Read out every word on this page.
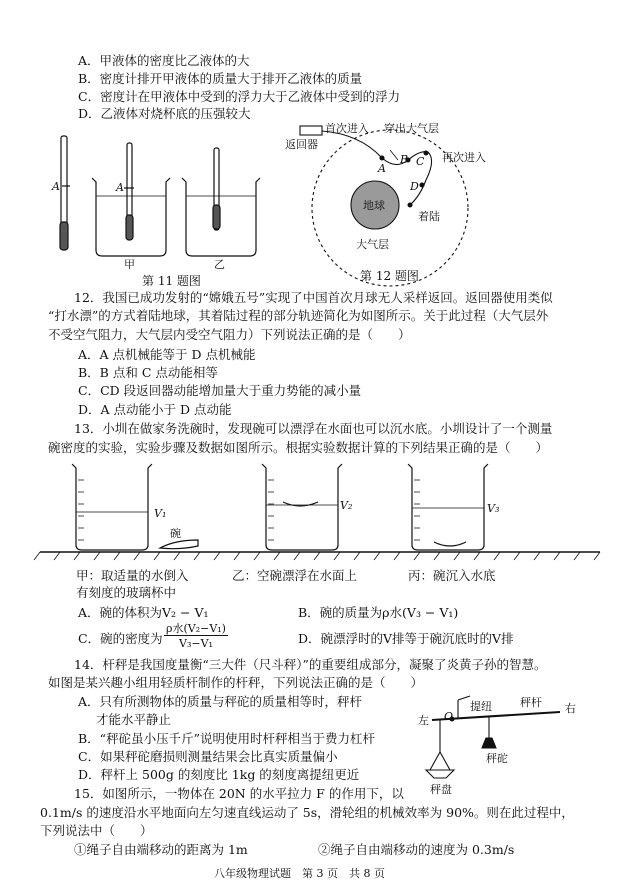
A．甲液体的密度比乙液体的大
B．密度计排开甲液体的质量大于排开乙液体的质量
C．密度计在甲液体中受到的浮力大于乙液体中受到的浮力
D．乙液体对烧杯底的压强较大
A	A
甲	乙
首次进入 穿出大气层
返回器
再次进入
A
B C
D
地球
着陆
大气层
V₁
V₂	V₃
碗
左 O
提纽	秤杆 右
秤砣
秤盘
第 11 题图	第 12 题图
12．我国已成功发射的“嫦娥五号”实现了中国首次月球无人采样返回。返回器使用类似
“打水漂”的方式着陆地球，其着陆过程的部分轨迹简化为如图所示。关于此过程（大气层外
不受空气阻力，大气层内受空气阻力）下列说法正确的是（　　）
A．A 点机械能等于 D 点机械能
B．B 点和 C 点动能相等
C．CD 段返回器动能增加量大于重力势能的减小量
D．A 点动能小于 D 点动能
13．小圳在做家务洗碗时，发现碗可以漂浮在水面也可以沉水底。小圳设计了一个测量
碗密度的实验，实验步骤及数据如图所示。根据实验数据计算的下列结果正确的是（　　）
甲：取适量的水倒入
有刻度的玻璃杯中
乙：空碗漂浮在水面上	丙：碗沉入水底
A．碗的体积为V₂ − V₁	B．碗的质量为ρ水(V₃ − V₁)
C．碗的密度为
ρ水(V₂−V₁)
V₃−V₁	D．碗漂浮时的V排等于碗沉底时的V排
14．杆秤是我国度量衡“三大件（尺斗秤）”的重要组成部分，凝聚了炎黄子孙的智慧。
如图是某兴趣小组用轻质杆制作的杆秤，下列说法正确的是（　　）
A．只有所测物体的质量与秤砣的质量相等时，秤杆
才能水平静止
B．“秤砣虽小压千斤”说明使用时杆秤相当于费力杠杆
C．如果秤砣磨损则测量结果会比真实质量偏小
D．秤杆上 500g 的刻度比 1kg 的刻度离提纽更近
15．如图所示，一物体在 20N 的水平拉力 F 的作用下，以
0.1m/s 的速度沿水平地面向左匀速直线运动了 5s，滑轮组的机械效率为 90%。则在此过程中，
下列说法中（　　）
①绳子自由端移动的距离为 1m	②绳子自由端移动的速度为 0.3m/s
八年级物理试题　第 3 页　共 8 页
